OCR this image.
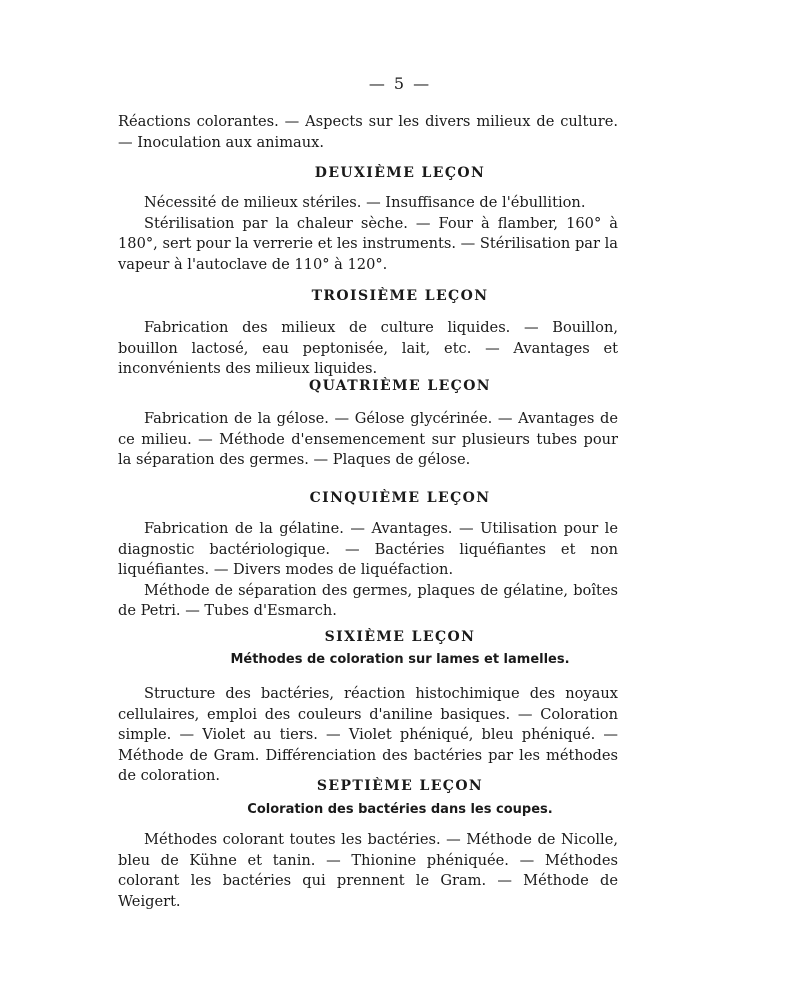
— 5 —

Réactions colorantes. — Aspects sur les divers milieux de culture. — Inoculation aux animaux.

DEUXIÈME LEÇON

Nécessité de milieux stériles. — Insuffisance de l'ébullition.

Stérilisation par la chaleur sèche. — Four à flamber, 160° à 180°, sert pour la verrerie et les instruments. — Stérilisation par la vapeur à l'autoclave de 110° à 120°.

TROISIÈME LEÇON

Fabrication des milieux de culture liquides. — Bouillon, bouillon lactosé, eau peptonisée, lait, etc. — Avantages et inconvénients des milieux liquides.

QUATRIÈME LEÇON

Fabrication de la gélose. — Gélose glycérinée. — Avantages de ce milieu. — Méthode d'ensemencement sur plusieurs tubes pour la séparation des germes. — Plaques de gélose.

CINQUIÈME LEÇON

Fabrication de la gélatine. — Avantages. — Utilisation pour le diagnostic bactériologique. — Bactéries liquéfiantes et non liquéfiantes. — Divers modes de liquéfaction.

Méthode de séparation des germes, plaques de gélatine, boîtes de Petri. — Tubes d'Esmarch.

SIXIÈME LEÇON
Méthodes de coloration sur lames et lamelles.

Structure des bactéries, réaction histochimique des noyaux cellulaires, emploi des couleurs d'aniline basiques. — Coloration simple. — Violet au tiers. — Violet phéniqué, bleu phéniqué. — Méthode de Gram. Différenciation des bactéries par les méthodes de coloration.

SEPTIÈME LEÇON
Coloration des bactéries dans les coupes.

Méthodes colorant toutes les bactéries. — Méthode de Nicolle, bleu de Kühne et tanin. — Thionine phéniquée. — Méthodes colorant les bactéries qui prennent le Gram. — Méthode de Weigert.
